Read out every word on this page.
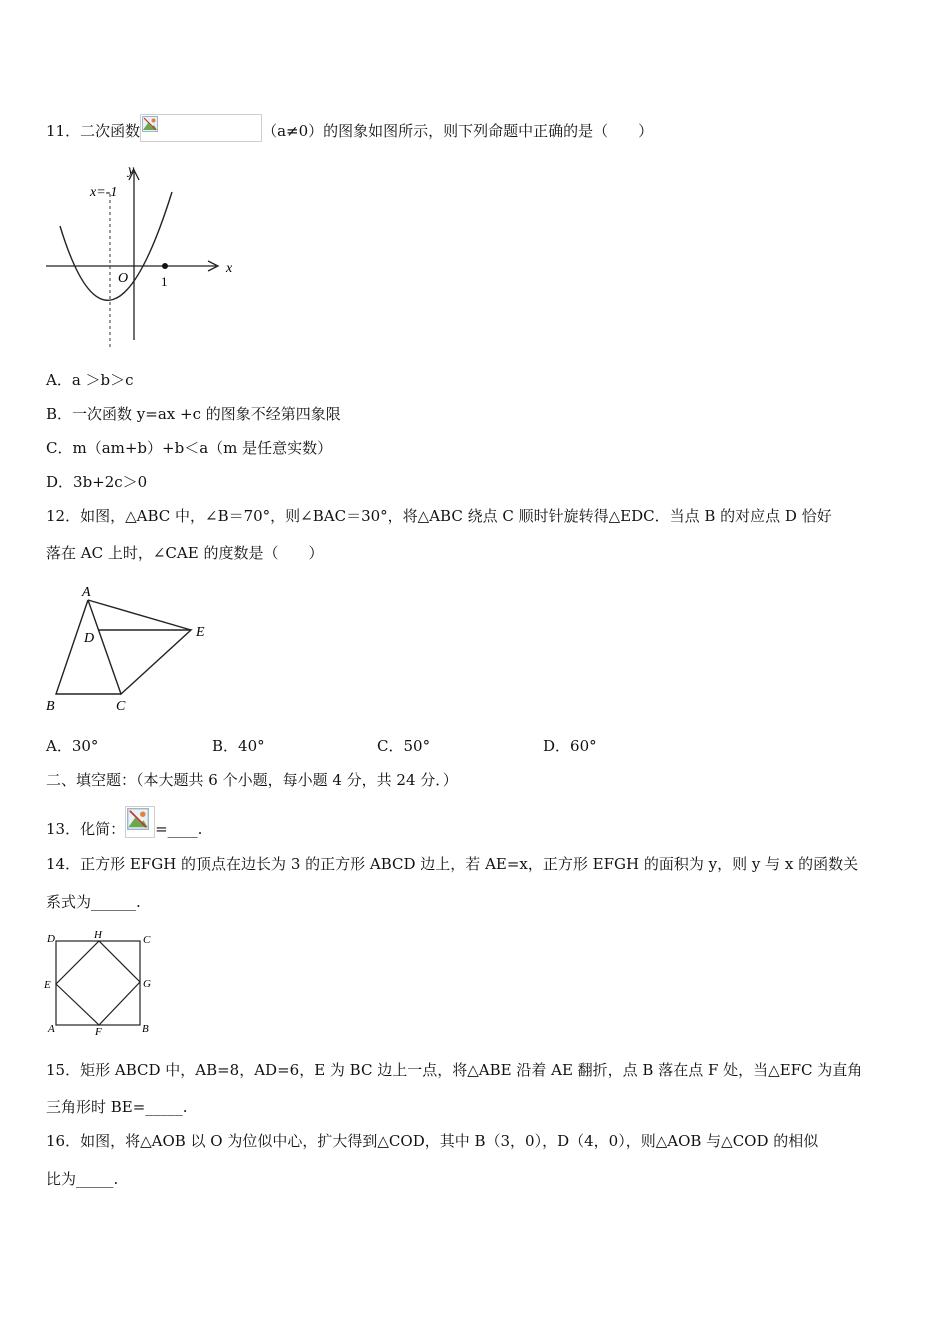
11．二次函数	（a≠0）的图象如图所示，则下列命题中正确的是（　　）
y
x
x=-1
O	1
A．a ＞b＞c
B．一次函数 y=ax +c 的图象不经第四象限
C．m（am+b）+b＜a（m 是任意实数）
D．3b+2c＞0
12．如图，△ABC 中，∠B＝70°，则∠BAC＝30°，将△ABC 绕点 C 顺时针旋转得△EDC．当点 B 的对应点 D 恰好
落在 AC 上时，∠CAE 的度数是（　　）
A
B	C
D	E
A．30°	B．40°	C．50°	D．60°
二、填空题：（本大题共 6 个小题，每小题 4 分，共 24 分．）
13．化简： =____.
14．正方形 EFGH 的顶点在边长为 3 的正方形 ABCD 边上，若 AE=x，正方形 EFGH 的面积为 y，则 y 与 x 的函数关
系式为______.
D	H	C
E	G
A	F	B
15．矩形 ABCD 中，AB=8，AD=6，E 为 BC 边上一点，将△ABE 沿着 AE 翻折，点 B 落在点 F 处，当△EFC 为直角
三角形时 BE=_____.
16．如图，将△AOB 以 O 为位似中心，扩大得到△COD，其中 B（3，0），D（4，0），则△AOB 与△COD 的相似
比为_____.
